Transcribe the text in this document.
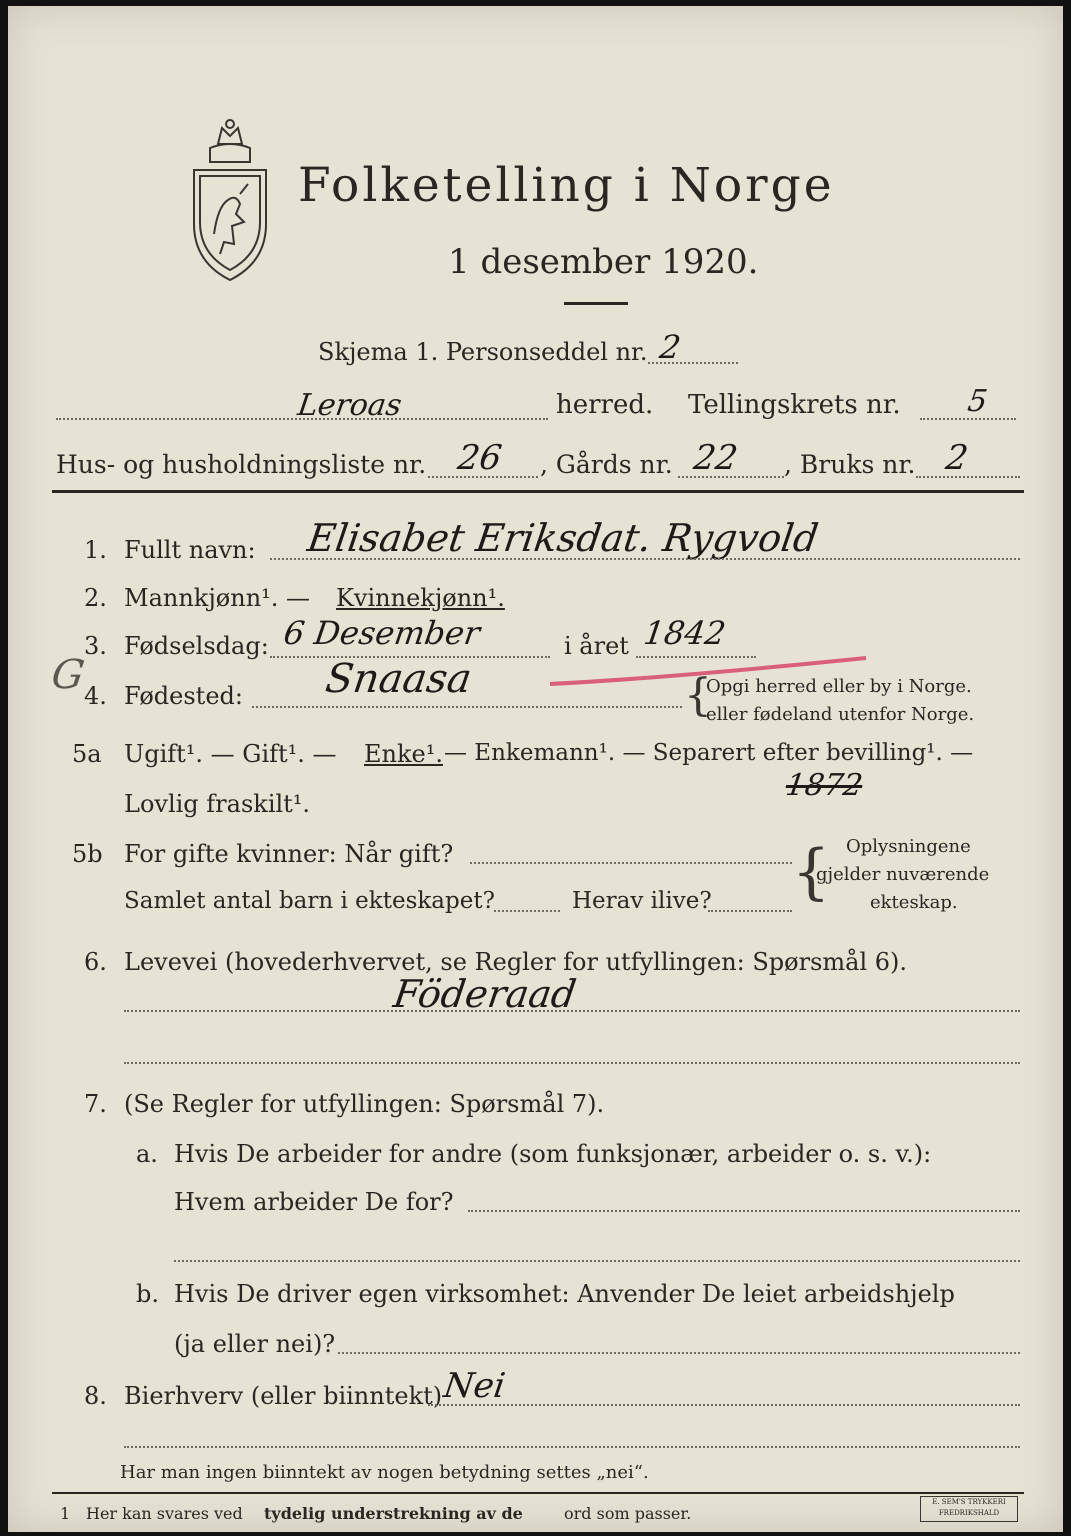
Folketelling i Norge
1 desember 1920.
Skjema 1. Personseddel nr. 2
Leroas	herred. Tellingskrets nr. 5
Hus- og husholdningsliste nr. 26 , Gårds nr. 22 , Bruks nr. 2
1. Fullt navn: Elisabet Eriksdat. Rygvold
2. Mannkjønn¹. — Kvinnekjønn¹.
3. Fødselsdag: 6 Desember	i året 1842
G
4. Fødested: Snaasa	{
Opgi herred eller by i Norge.
eller fødeland utenfor Norge.
5a Ugift¹. — Gift¹. — Enke¹. — Enkemann¹. — Separert efter bevilling¹. —
Lovlig fraskilt¹.
1872
5b For gifte kvinner: Når gift?
Samlet antal barn i ekteskapet?	Herav ilive? { Oplysningene
gjelder nuværende
ekteskap.
6. Levevei (hovederhvervet, se Regler for utfyllingen: Spørsmål 6).
Föderaad
7. (Se Regler for utfyllingen: Spørsmål 7).
a. Hvis De arbeider for andre (som funksjonær, arbeider o. s. v.):
Hvem arbeider De for?
b. Hvis De driver egen virksomhet: Anvender De leiet arbeidshjelp
(ja eller nei)?
8. Bierhverv (eller biinntekt) Nei
Har man ingen biinntekt av nogen betydning settes „nei“.
1 Her kan svares ved tydelig understrekning av de	ord som passer.
E. SEM'S TRYKKERI FREDRIKSHALD
